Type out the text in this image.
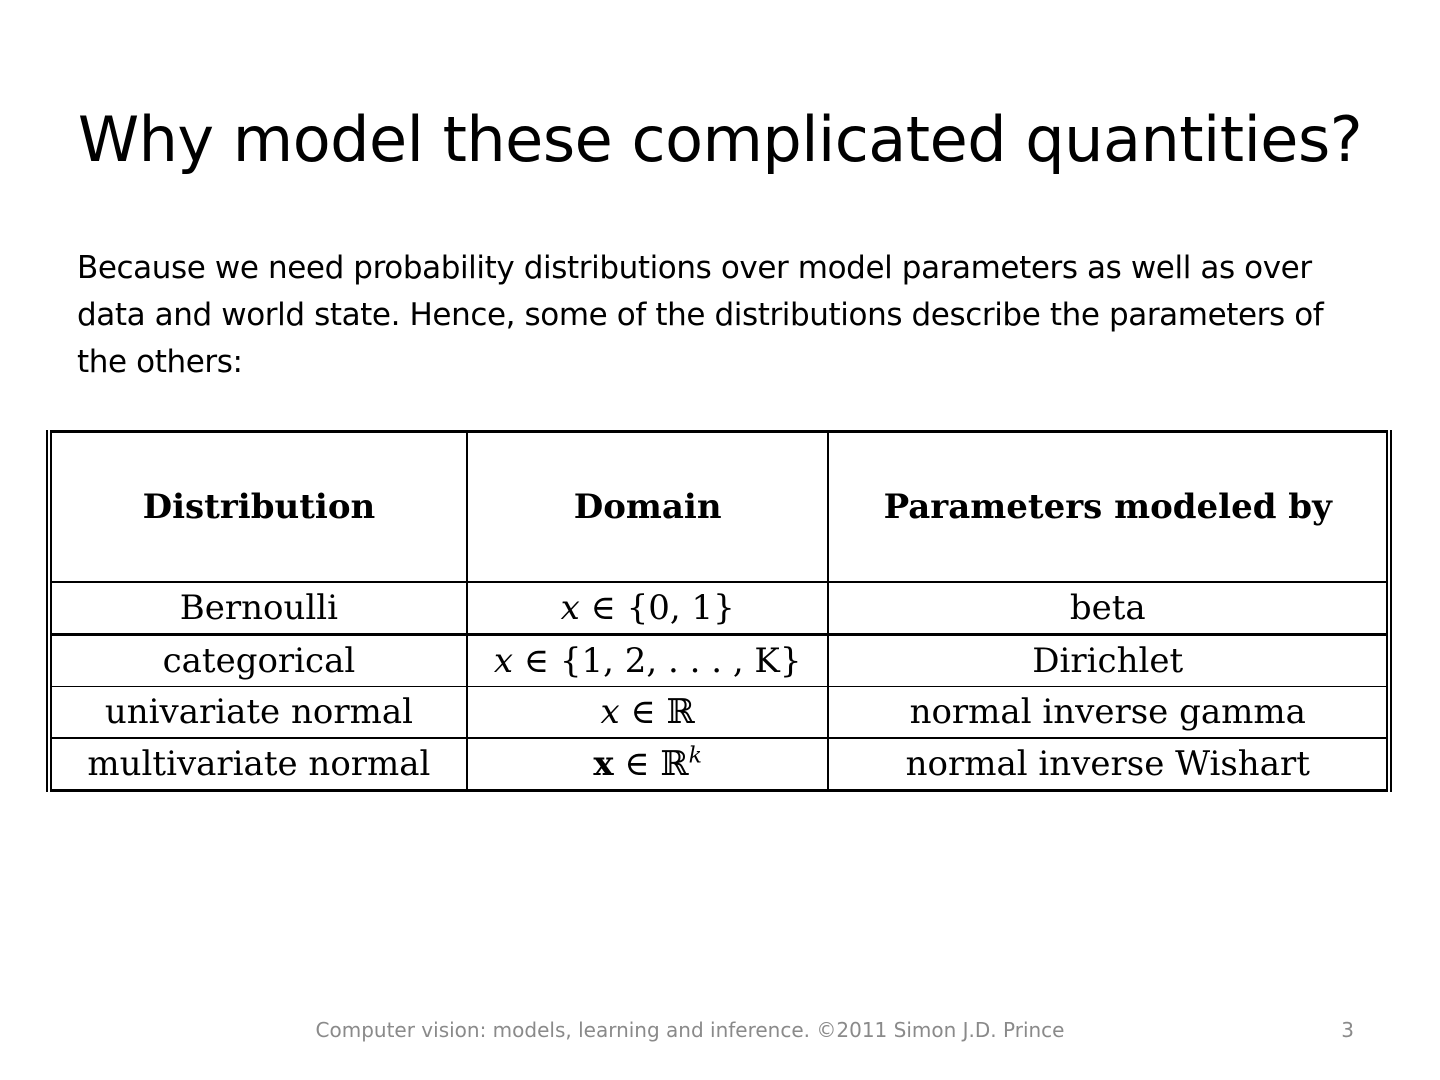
Why model these complicated quantities?

Because we need probability distributions over model parameters as well as over data and world state. Hence, some of the distributions describe the parameters of the others:

Distribution	Domain	Parameters modeled by
Bernoulli	x ∈ {0, 1}	beta
categorical	x ∈ {1, 2, . . . , K}	Dirichlet
univariate normal	x ∈ ℝ	normal inverse gamma
multivariate normal	x ∈ ℝ$^k$	normal inverse Wishart
Computer vision: models, learning and inference. ©2011 Simon J.D. Prince	3
